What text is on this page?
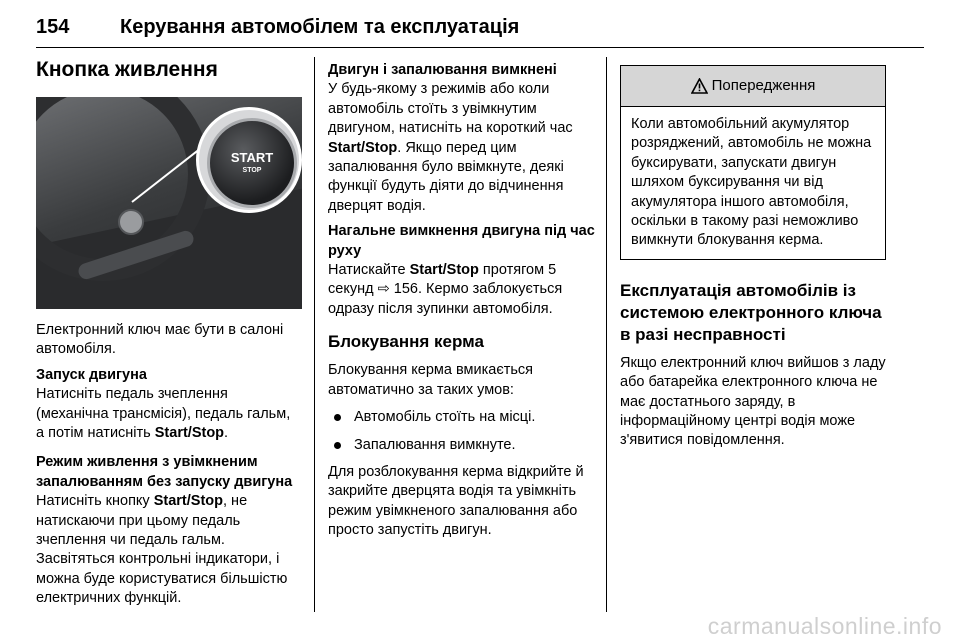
154	Керування автомобілем та експлуатація
Кнопка живлення
START
STOP

Електронний ключ має бути в салоні автомобіля.

Запуск двигуна

Натисніть педаль зчеплення (механічна трансмісія), педаль гальм, а потім натисніть Start/Stop.

Режим живлення з увімкненим запалюванням без запуску двигуна

Натисніть кнопку Start/Stop, не натискаючи при цьому педаль зчеплення чи педаль гальм. Засвітяться контрольні індикатори, і можна буде користуватися більшістю електричних функцій.

Двигун і запалювання вимкнені

У будь-якому з режимів або коли автомобіль стоїть з увімкнутим двигуном, натисніть на короткий час Start/Stop. Якщо перед цим запалювання було ввімкнуте, деякі функції будуть діяти до відчинення дверцят водія.

Нагальне вимкнення двигуна під час руху

Натискайте Start/Stop протягом 5 секунд ⇨ 156. Кермо заблокується одразу після зупинки автомобіля.

Блокування керма

Блокування керма вмикається автоматично за таких умов:

Автомобіль стоїть на місці.
Запалювання вимкнуте.

Для розблокування керма відкрийте й закрийте дверцята водія та увімкніть режим увімкненого запалювання або просто запустіть двигун.

Попередження
Коли автомобільний акумулятор розряджений, автомобіль не можна буксирувати, запускати двигун шляхом буксирування чи від акумулятора іншого автомобіля, оскільки в такому разі неможливо вимкнути блокування керма.
Експлуатація автомобілів із системою електронного ключа в разі несправності

Якщо електронний ключ вийшов з ладу або батарейка електронного ключа не має достатнього заряду, в інформаційному центрі водія може з'явитися повідомлення.

carmanualsonline.info
